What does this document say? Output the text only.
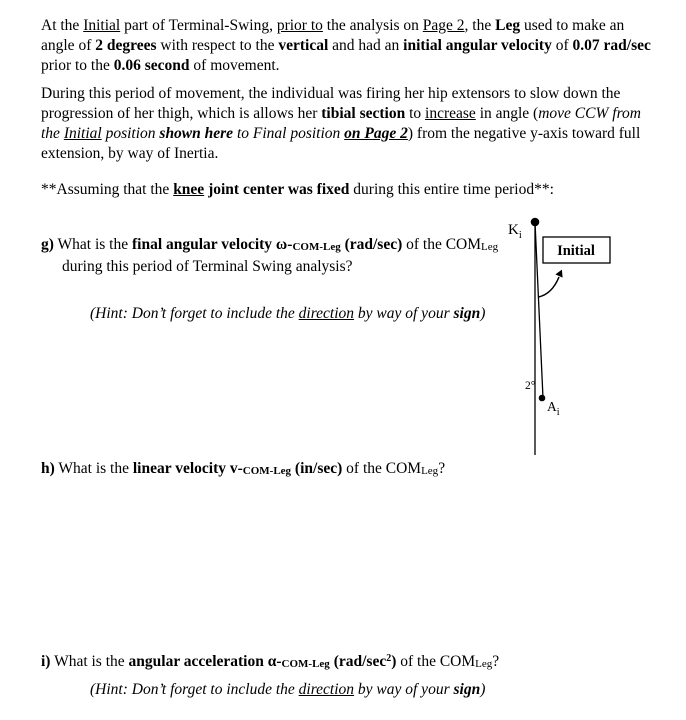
At the Initial part of Terminal-Swing, prior to the analysis on Page 2, the Leg used to make an angle of 2 degrees with respect to the vertical and had an initial angular velocity of 0.07 rad/sec prior to the 0.06 second of movement.

During this period of movement, the individual was firing her hip extensors to slow down the progression of her thigh, which is allows her tibial section to increase in angle (move CCW from the Initial position shown here to Final position on Page 2) from the negative y-axis toward full extension, by way of Inertia.

**Assuming that the knee joint center was fixed during this entire time period**:

g) What is the final angular velocity ω-COM-Leg (rad/sec) of the COMLeg during this period of Terminal Swing analysis?

(Hint: Don’t forget to include the direction by way of your sign)

h) What is the linear velocity v-COM-Leg (in/sec) of the COMLeg?

i) What is the angular acceleration α-COM-Leg $(rad/\sec^2)$ of the COMLeg?

(Hint: Don’t forget to include the direction by way of your sign)

Initial
$K_i$
2°
$A_i$
